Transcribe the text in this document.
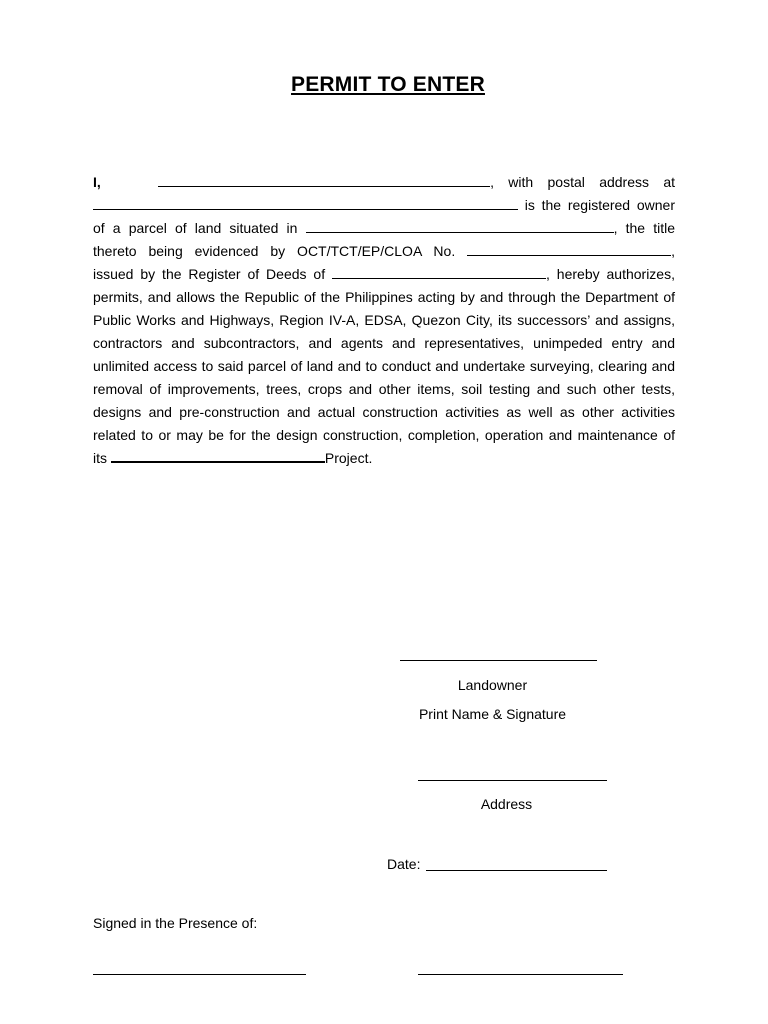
PERMIT TO ENTER
I,	, with postal address at
is the registered owner
of a parcel of land situated in	, the title
thereto being evidenced by OCT/TCT/EP/CLOA No.	,
issued by the Register of Deeds of	, hereby authorizes,
permits, and allows the Republic of the Philippines acting by and through the Department of
Public Works and Highways, Region IV-A, EDSA, Quezon City, its successors’ and assigns,
contractors and subcontractors, and agents and representatives, unimpeded entry and
unlimited access to said parcel of land and to conduct and undertake surveying, clearing and
removal of improvements, trees, crops and other items, soil testing and such other tests,
designs and pre-construction and actual construction activities as well as other activities
related to or may be for the design construction, completion, operation and maintenance of
its	Project.
Landowner
Print Name & Signature
Address
Date:
Signed in the Presence of:
